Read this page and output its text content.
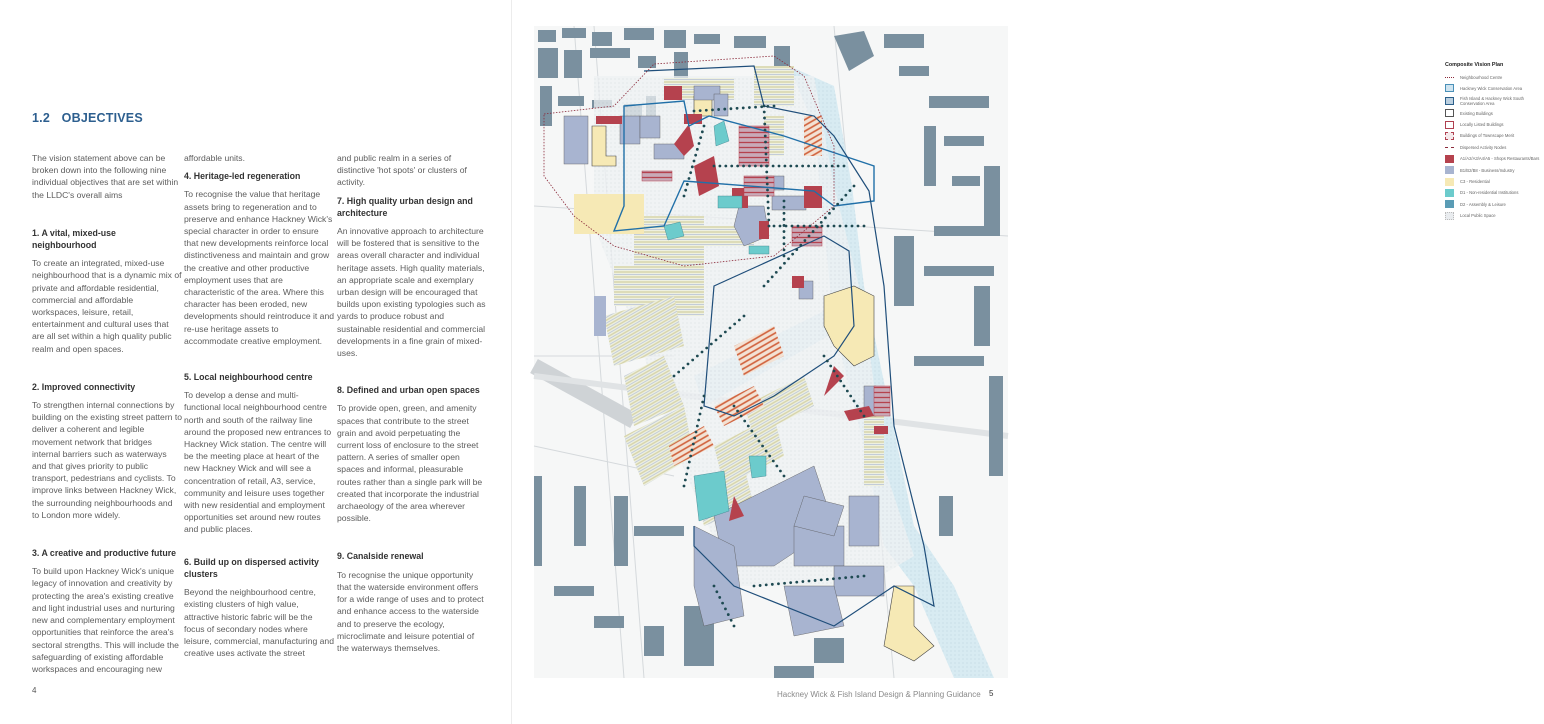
1.2 OBJECTIVES

The vision statement above can be broken down into the following nine individual objectives that are set within the LLDC's overall aims

1. A vital, mixed-use neighbourhood

To create an integrated, mixed-use neighbourhood that is a dynamic mix of private and affordable residential, commercial and affordable workspaces, leisure, retail, entertainment and cultural uses that are all set within a high quality public realm and open spaces.

2. Improved connectivity

To strengthen internal connections by building on the existing street pattern to deliver a coherent and legible movement network that bridges internal barriers such as waterways and that gives priority to public transport, pedestrians and cyclists. To improve links between Hackney Wick, the surrounding neighbourhoods and to London more widely.

3. A creative and productive future

To build upon Hackney Wick's unique legacy of innovation and creativity by protecting the area's existing creative and light industrial uses and nurturing new and complementary employment opportunities that reinforce the area's sectoral strengths. This will include the safeguarding of existing affordable workspaces and encouraging new

affordable units.

4. Heritage-led regeneration

To recognise the value that heritage assets bring to regeneration and to preserve and enhance Hackney Wick's special character in order to ensure that new developments reinforce local distinctiveness and maintain and grow the creative and other productive employment uses that are characteristic of the area. Where this character has been eroded, new developments should reintroduce it and re-use heritage assets to accommodate creative employment.

5. Local neighbourhood centre

To develop a dense and multi-functional local neighbourhood centre north and south of the railway line around the proposed new entrances to Hackney Wick station. The centre will be the meeting place at heart of the new Hackney Wick and will see a concentration of retail, A3, service, community and leisure uses together with new residential and employment opportunities set around new routes and public places.

6. Build up on dispersed activity clusters

Beyond the neighbourhood centre, existing clusters of high value, attractive historic fabric will be the focus of secondary nodes where leisure, commercial, manufacturing and creative uses activate the street

and public realm in a series of distinctive 'hot spots' or clusters of activity.

7. High quality urban design and architecture

An innovative approach to architecture will be fostered that is sensitive to the areas overall character and individual heritage assets. High quality materials, an appropriate scale and exemplary urban design will be encouraged that builds upon existing typologies such as yards to produce robust and sustainable residential and commercial developments in a fine grain of mixed-uses.

8. Defined and urban open spaces

To provide open, green, and amenity spaces that contribute to the street grain and avoid perpetuating the current loss of enclosure to the street pattern. A series of smaller open spaces and informal, pleasurable routes rather than a single park will be created that incorporate the industrial archaeology of the area wherever possible.

9. Canalside renewal

To recognise the unique opportunity that the waterside environment offers for a wide range of uses and to protect and enhance access to the waterside and to preserve the ecology, microclimate and leisure potential of the waterways themselves.

4
Composite Vision Plan
Neighbourhood Centre
Hackney Wick Conservation Area
Fish Island & Hackney Wick South Conservation Area
Existing Buildings
Locally Listed Buildings
Buildings of Townscape Merit
Dispersed Activity Nodes
A1/A2/A3/A4/A5 - Shops Restaurants/Bars
B1/B2/B8 - Business/Industry
C3 - Residential
D1 - Non-residential Institutions
D2 - Assembly & Leisure
Local Public Space
Hackney Wick & Fish Island Design & Planning Guidance 5
